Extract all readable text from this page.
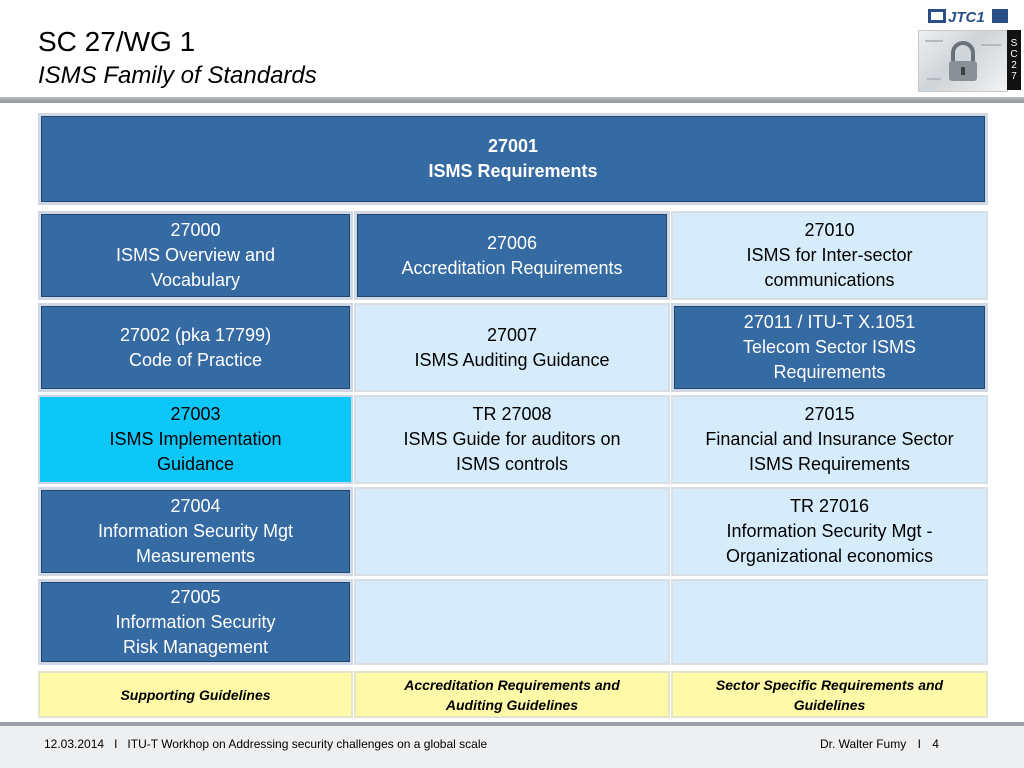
SC 27/WG 1
ISMS Family of Standards
JTC1
S
C
2
7
27001
ISMS Requirements
27000
ISMS Overview and
Vocabulary
27006
Accreditation Requirements
27010
ISMS for Inter-sector
communications
27002 (pka 17799)
Code of Practice
27007
ISMS Auditing Guidance
27011 / ITU-T X.1051
Telecom Sector ISMS
Requirements
27003
ISMS Implementation
Guidance
TR 27008
ISMS Guide for auditors on
ISMS controls
27015
Financial and Insurance Sector
ISMS Requirements
27004
Information Security Mgt
Measurements
TR 27016
Information Security Mgt -
Organizational economics
27005
Information Security
Risk Management
Supporting Guidelines
Accreditation Requirements and
Auditing Guidelines
Sector Specific Requirements and
Guidelines
12.03.2014   I   ITU-T Workhop on Addressing security challenges on a global scale	Dr. Walter Fumy I 4
